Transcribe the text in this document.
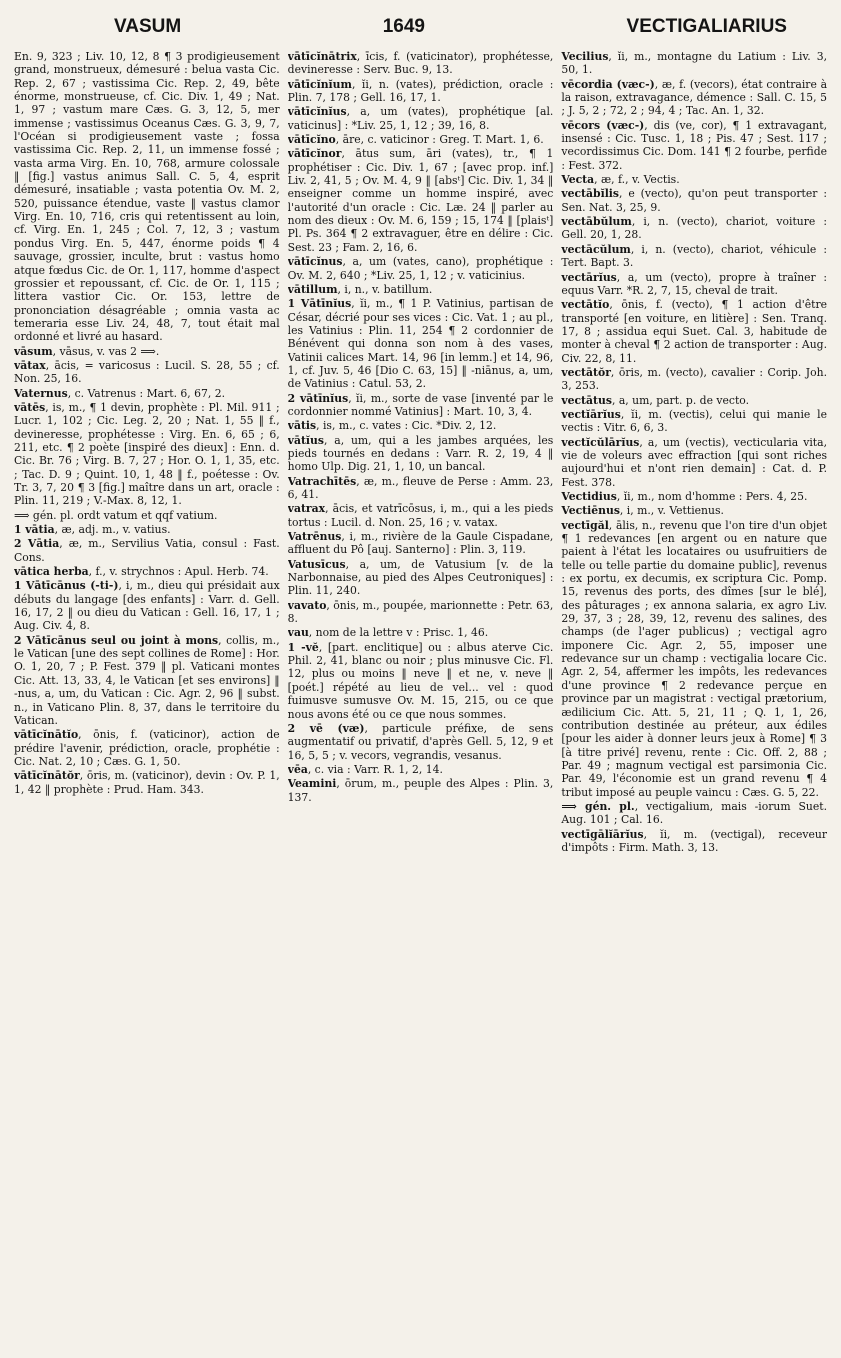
VASUM	1649	VECTIGALIARIUS

En. 9, 323 ; Liv. 10, 12, 8 ¶ 3 prodigieusement grand, monstrueux, démesuré : belua vasta Cic. Rep. 2, 67 ; vastissima Cic. Rep. 2, 49, bête énorme, monstrueuse, cf. Cic. Div. 1, 49 ; Nat. 1, 97 ; vastum mare Cæs. G. 3, 12, 5, mer immense ; vastissimus Oceanus Cæs. G. 3, 9, 7, l'Océan si prodigieusement vaste ; fossa vastissima Cic. Rep. 2, 11, un immense fossé ; vasta arma Virg. En. 10, 768, armure colossale ‖ [fig.] vastus animus Sall. C. 5, 4, esprit démesuré, insatiable ; vasta potentia Ov. M. 2, 520, puissance étendue, vaste ‖ vastus clamor Virg. En. 10, 716, cris qui retentissent au loin, cf. Virg. En. 1, 245 ; Col. 7, 12, 3 ; vastum pondus Virg. En. 5, 447, énorme poids ¶ 4 sauvage, grossier, inculte, brut : vastus homo atque fœdus Cic. de Or. 1, 117, homme d'aspect grossier et repoussant, cf. Cic. de Or. 1, 115 ; littera vastior Cic. Or. 153, lettre de prononciation désagréable ; omnia vasta ac temeraria esse Liv. 24, 48, 7, tout était mal ordonné et livré au hasard.

vāsum, vāsus, v. vas 2 ⟹.

vātax, ācis, = varicosus : Lucil. S. 28, 55 ; cf. Non. 25, 16.

Vaternus, c. Vatrenus : Mart. 6, 67, 2.

vātēs, is, m., ¶ 1 devin, prophète : Pl. Mil. 911 ; Lucr. 1, 102 ; Cic. Leg. 2, 20 ; Nat. 1, 55 ‖ f., devineresse, prophétesse : Virg. En. 6, 65 ; 6, 211, etc. ¶ 2 poète [inspiré des dieux] : Enn. d. Cic. Br. 76 ; Virg. B. 7, 27 ; Hor. O. 1, 1, 35, etc. ; Tac. D. 9 ; Quint. 10, 1, 48 ‖ f., poétesse : Ov. Tr. 3, 7, 20 ¶ 3 [fig.] maître dans un art, oracle : Plin. 11, 219 ; V.-Max. 8, 12, 1.

⟹ gén. pl. ordt vatum et qqf vatium.

1 vātia, æ, adj. m., v. vatius.

2 Vātia, æ, m., Servilius Vatia, consul : Fast. Cons.

vātica herba, f., v. strychnos : Apul. Herb. 74.

1 Vātīcānus (-ti-), i, m., dieu qui présidait aux débuts du langage [des enfants] : Varr. d. Gell. 16, 17, 2 ‖ ou dieu du Vatican : Gell. 16, 17, 1 ; Aug. Civ. 4, 8.

2 Vātīcānus seul ou joint à mons, collis, m., le Vatican [une des sept collines de Rome] : Hor. O. 1, 20, 7 ; P. Fest. 379 ‖ pl. Vaticani montes Cic. Att. 13, 33, 4, le Vatican [et ses environs] ‖ -nus, a, um, du Vatican : Cic. Agr. 2, 96 ‖ subst. n., in Vaticano Plin. 8, 37, dans le territoire du Vatican.

vātīcĭnātĭo, ōnis, f. (vaticinor), action de prédire l'avenir, prédiction, oracle, prophétie : Cic. Nat. 2, 10 ; Cæs. G. 1, 50.

vātīcĭnātŏr, ōris, m. (vaticinor), devin : Ov. P. 1, 1, 42 ‖ prophète : Prud. Ham. 343.

vātīcĭnātrix, īcis, f. (vaticinator), prophétesse, devineresse : Serv. Buc. 9, 13.

vātīcĭnĭum, ĭi, n. (vates), prédiction, oracle : Plin. 7, 178 ; Gell. 16, 17, 1.

vātīcĭnĭus, a, um (vates), prophétique [al. vaticinus] : *Liv. 25, 1, 12 ; 39, 16, 8.

vātīcĭno, āre, c. vaticinor : Greg. T. Mart. 1, 6.

vātīcĭnor, ātus sum, āri (vates), tr., ¶ 1 prophétiser : Cic. Div. 1, 67 ; [avec prop. inf.] Liv. 2, 41, 5 ; Ov. M. 4, 9 ‖ [absᵗ] Cic. Div. 1, 34 ‖ enseigner comme un homme inspiré, avec l'autorité d'un oracle : Cic. Læ. 24 ‖ parler au nom des dieux : Ov. M. 6, 159 ; 15, 174 ‖ [plaisᵗ] Pl. Ps. 364 ¶ 2 extravaguer, être en délire : Cic. Sest. 23 ; Fam. 2, 16, 6.

vātīcĭnus, a, um (vates, cano), prophétique : Ov. M. 2, 640 ; *Liv. 25, 1, 12 ; v. vaticinius.

vātillum, i, n., v. batillum.

1 Vātīnĭus, ĭi, m., ¶ 1 P. Vatinius, partisan de César, décrié pour ses vices : Cic. Vat. 1 ; au pl., les Vatinius : Plin. 11, 254 ¶ 2 cordonnier de Bénévent qui donna son nom à des vases, Vatinii calices Mart. 14, 96 [in lemm.] et 14, 96, 1, cf. Juv. 5, 46 [Dio C. 63, 15] ‖ -niānus, a, um, de Vatinius : Catul. 53, 2.

2 vātīnĭus, ĭi, m., sorte de vase [inventé par le cordonnier nommé Vatinius] : Mart. 10, 3, 4.

vātis, is, m., c. vates : Cic. *Div. 2, 12.

vātĭus, a, um, qui a les jambes arquées, les pieds tournés en dedans : Varr. R. 2, 19, 4 ‖ homo Ulp. Dig. 21, 1, 10, un bancal.

Vatrachītēs, æ, m., fleuve de Perse : Amm. 23, 6, 41.

vatrax, ācis, et vatrīcōsus, i, m., qui a les pieds tortus : Lucil. d. Non. 25, 16 ; v. vatax.

Vatrēnus, i, m., rivière de la Gaule Cispadane, affluent du Pô [auj. Santerno] : Plin. 3, 119.

Vatusīcus, a, um, de Vatusium [v. de la Narbonnaise, au pied des Alpes Ceutroniques] : Plin. 11, 240.

vavato, ōnis, m., poupée, marionnette : Petr. 63, 8.

vau, nom de la lettre v : Prisc. 1, 46.

1 -vĕ, [part. enclitique] ou : albus aterve Cic. Phil. 2, 41, blanc ou noir ; plus minusve Cic. Fl. 12, plus ou moins ‖ neve ‖ et ne, v. neve ‖ [poét.] répété au lieu de vel... vel : quod fuimusve sumusve Ov. M. 15, 215, ou ce que nous avons été ou ce que nous sommes.

2 vē (væ), particule préfixe, de sens augmentatif ou privatif, d'après Gell. 5, 12, 9 et 16, 5, 5 ; v. vecors, vegrandis, vesanus.

vēa, c. via : Varr. R. 1, 2, 14.

Veamini, ōrum, m., peuple des Alpes : Plin. 3, 137.

Vecilius, ĭi, m., montagne du Latium : Liv. 3, 50, 1.

vēcordia (væc-), æ, f. (vecors), état contraire à la raison, extravagance, démence : Sall. C. 15, 5 ; J. 5, 2 ; 72, 2 ; 94, 4 ; Tac. An. 1, 32.

vēcors (væc-), dis (ve, cor), ¶ 1 extravagant, insensé : Cic. Tusc. 1, 18 ; Pis. 47 ; Sest. 117 ; vecordissimus Cic. Dom. 141 ¶ 2 fourbe, perfide : Fest. 372.

Vecta, æ, f., v. Vectis.

vectābĭlis, e (vecto), qu'on peut transporter : Sen. Nat. 3, 25, 9.

vectābŭlum, i, n. (vecto), chariot, voiture : Gell. 20, 1, 28.

vectācŭlum, i, n. (vecto), chariot, véhicule : Tert. Bapt. 3.

vectārĭus, a, um (vecto), propre à traîner : equus Varr. *R. 2, 7, 15, cheval de trait.

vectātĭo, ōnis, f. (vecto), ¶ 1 action d'être transporté [en voiture, en litière] : Sen. Tranq. 17, 8 ; assidua equi Suet. Cal. 3, habitude de monter à cheval ¶ 2 action de transporter : Aug. Civ. 22, 8, 11.

vectātŏr, ōris, m. (vecto), cavalier : Corip. Joh. 3, 253.

vectātus, a, um, part. p. de vecto.

vectĭārĭus, ĭi, m. (vectis), celui qui manie le vectis : Vitr. 6, 6, 3.

vectĭcŭlārĭus, a, um (vectis), vecticularia vita, vie de voleurs avec effraction [qui sont riches aujourd'hui et n'ont rien demain] : Cat. d. P. Fest. 378.

Vectidius, ĭi, m., nom d'homme : Pers. 4, 25.

Vectiēnus, i, m., v. Vettienus.

vectīgăl, ālis, n., revenu que l'on tire d'un objet ¶ 1 redevances [en argent ou en nature que paient à l'état les locataires ou usufruitiers de telle ou telle partie du domaine public], revenus : ex portu, ex decumis, ex scriptura Cic. Pomp. 15, revenus des ports, des dîmes [sur le blé], des pâturages ; ex annona salaria, ex agro Liv. 29, 37, 3 ; 28, 39, 12, revenu des salines, des champs (de l'ager publicus) ; vectigal agro imponere Cic. Agr. 2, 55, imposer une redevance sur un champ : vectigalia locare Cic. Agr. 2, 54, affermer les impôts, les redevances d'une province ¶ 2 redevance perçue en province par un magistrat : vectigal prætorium, ædilicium Cic. Att. 5, 21, 11 ; Q. 1, 1, 26, contribution destinée au préteur, aux édiles [pour les aider à donner leurs jeux à Rome] ¶ 3 [à titre privé] revenu, rente : Cic. Off. 2, 88 ; Par. 49 ; magnum vectigal est parsimonia Cic. Par. 49, l'économie est un grand revenu ¶ 4 tribut imposé au peuple vaincu : Cæs. G. 5, 22.

⟹ gén. pl., vectigalium, mais -iorum Suet. Aug. 101 ; Cal. 16.

vectīgālĭārĭus, ĭi, m. (vectigal), receveur d'impôts : Firm. Math. 3, 13.
